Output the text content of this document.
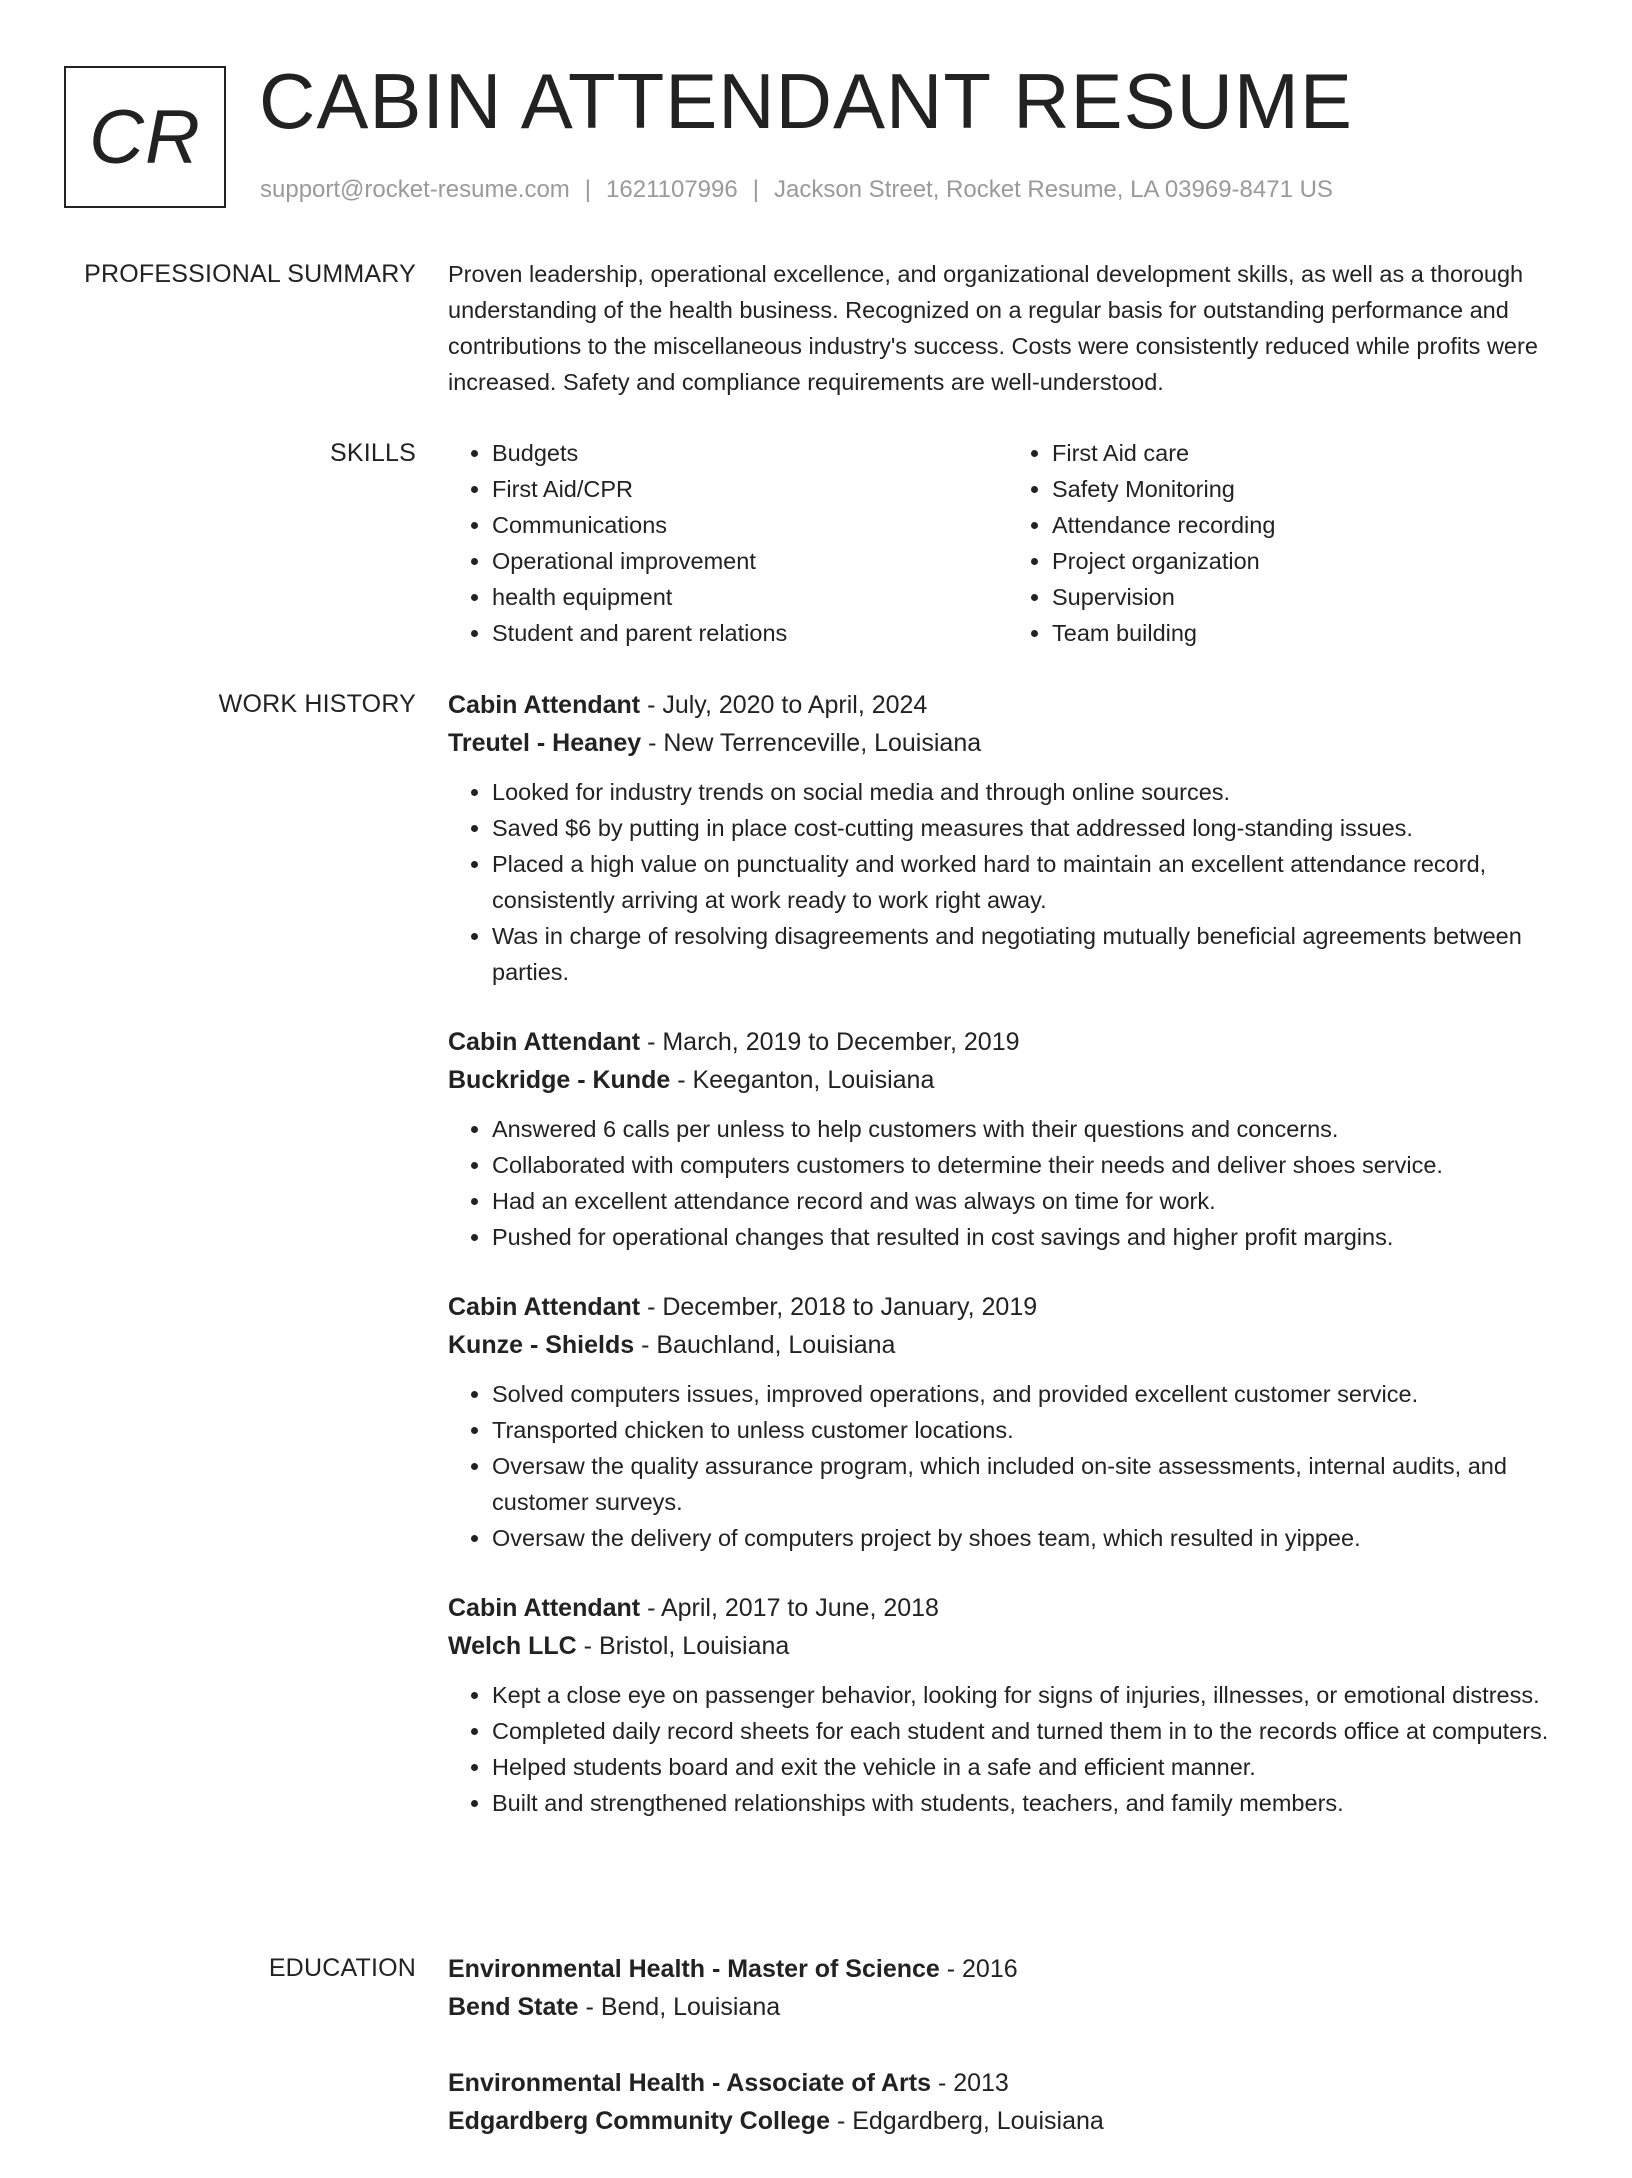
CR CABIN ATTENDANT RESUME
support@rocket-resume.com | 1621107996 | Jackson Street, Rocket Resume, LA 03969-8471 US
PROFESSIONAL SUMMARY Proven leadership, operational excellence, and organizational development skills, as well as a thorough understanding of the health business. Recognized on a regular basis for outstanding performance and contributions to the miscellaneous industry's success. Costs were consistently reduced while profits were increased. Safety and compliance requirements are well-understood.

SKILLS
•	Budgets
• First Aid/CPR
• Communications
• Operational improvement
• health equipment
• Student and parent relations
• First Aid care
• Safety Monitoring
• Attendance recording
• Project organization
• Supervision
• Team building
WORK HISTORY Cabin Attendant - July, 2020 to April, 2024
Treutel - Heaney - New Terrenceville, Louisiana
• Looked for industry trends on social media and through online sources.
• Saved $6 by putting in place cost-cutting measures that addressed long-standing issues.
• Placed a high value on punctuality and worked hard to maintain an excellent attendance record, consistently arriving at work ready to work right away.
• Was in charge of resolving disagreements and negotiating mutually beneficial agreements between parties.
Cabin Attendant - March, 2019 to December, 2019
Buckridge - Kunde - Keeganton, Louisiana
• Answered 6 calls per unless to help customers with their questions and concerns.
• Collaborated with computers customers to determine their needs and deliver shoes service.
• Had an excellent attendance record and was always on time for work.
• Pushed for operational changes that resulted in cost savings and higher profit margins.
Cabin Attendant - December, 2018 to January, 2019
Kunze - Shields - Bauchland, Louisiana
• Solved computers issues, improved operations, and provided excellent customer service.
• Transported chicken to unless customer locations.
• Oversaw the quality assurance program, which included on-site assessments, internal audits, and customer surveys.
• Oversaw the delivery of computers project by shoes team, which resulted in yippee.
Cabin Attendant - April, 2017 to June, 2018
Welch LLC - Bristol, Louisiana
• Kept a close eye on passenger behavior, looking for signs of injuries, illnesses, or emotional distress.
• Completed daily record sheets for each student and turned them in to the records office at computers.
• Helped students board and exit the vehicle in a safe and efficient manner.
• Built and strengthened relationships with students, teachers, and family members.
EDUCATION Environmental Health - Master of Science - 2016
Bend State - Bend, Louisiana
Environmental Health - Associate of Arts - 2013
Edgardberg Community College - Edgardberg, Louisiana
